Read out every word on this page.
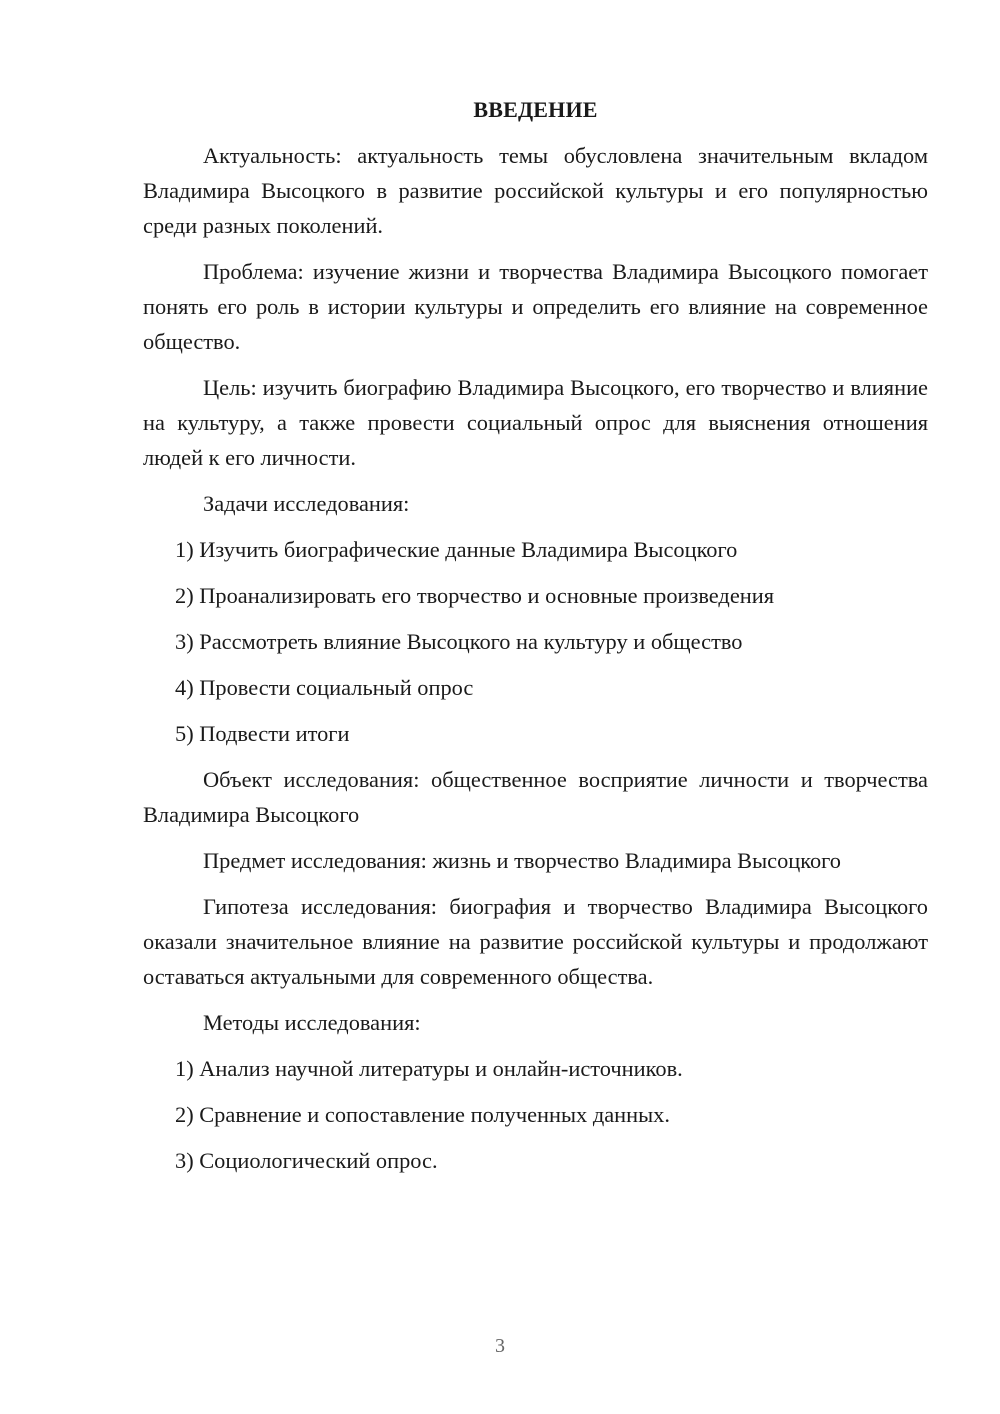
ВВЕДЕНИЕ

Актуальность: актуальность темы обусловлена значительным вкладом Владимира Высоцкого в развитие российской культуры и его популярностью среди разных поколений.

Проблема: изучение жизни и творчества Владимира Высоцкого помогает понять его роль в истории культуры и определить его влияние на современное общество.

Цель: изучить биографию Владимира Высоцкого, его творчество и влияние на культуру, а также провести социальный опрос для выяснения отношения людей к его личности.

Задачи исследования:

1) Изучить биографические данные Владимира Высоцкого
2) Проанализировать его творчество и основные произведения
3) Рассмотреть влияние Высоцкого на культуру и общество
4) Провести социальный опрос
5) Подвести итоги

Объект исследования: общественное восприятие личности и творчества Владимира Высоцкого

Предмет исследования: жизнь и творчество Владимира Высоцкого

Гипотеза исследования: биография и творчество Владимира Высоцкого оказали значительное влияние на развитие российской культуры и продолжают оставаться актуальными для современного общества.

Методы исследования:

1) Анализ научной литературы и онлайн-источников.
2) Сравнение и сопоставление полученных данных.
3) Социологический опрос.
3
